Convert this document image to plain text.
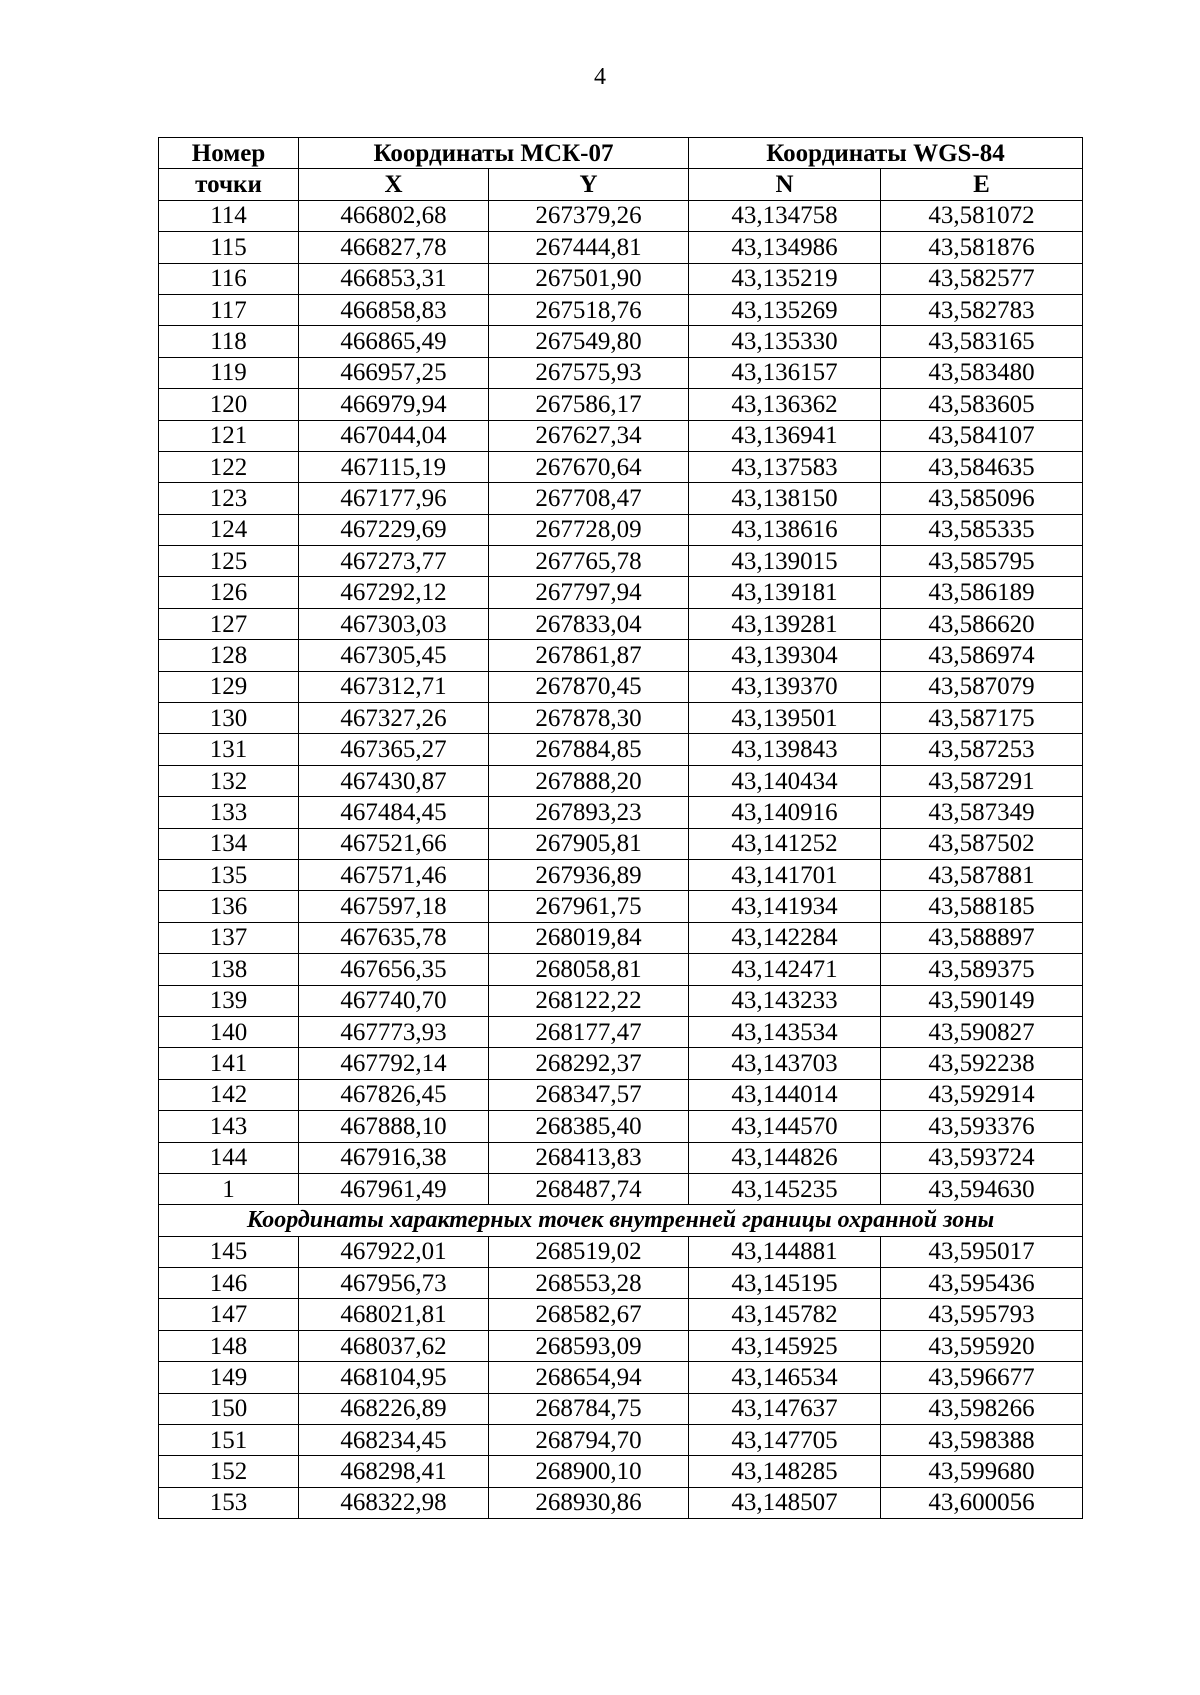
4
Номер	Координаты МСК-07		Координаты WGS-84	
точки	X	Y	N	E
114	466802,68	267379,26	43,134758	43,581072
115	466827,78	267444,81	43,134986	43,581876
116	466853,31	267501,90	43,135219	43,582577
117	466858,83	267518,76	43,135269	43,582783
118	466865,49	267549,80	43,135330	43,583165
119	466957,25	267575,93	43,136157	43,583480
120	466979,94	267586,17	43,136362	43,583605
121	467044,04	267627,34	43,136941	43,584107
122	467115,19	267670,64	43,137583	43,584635
123	467177,96	267708,47	43,138150	43,585096
124	467229,69	267728,09	43,138616	43,585335
125	467273,77	267765,78	43,139015	43,585795
126	467292,12	267797,94	43,139181	43,586189
127	467303,03	267833,04	43,139281	43,586620
128	467305,45	267861,87	43,139304	43,586974
129	467312,71	267870,45	43,139370	43,587079
130	467327,26	267878,30	43,139501	43,587175
131	467365,27	267884,85	43,139843	43,587253
132	467430,87	267888,20	43,140434	43,587291
133	467484,45	267893,23	43,140916	43,587349
134	467521,66	267905,81	43,141252	43,587502
135	467571,46	267936,89	43,141701	43,587881
136	467597,18	267961,75	43,141934	43,588185
137	467635,78	268019,84	43,142284	43,588897
138	467656,35	268058,81	43,142471	43,589375
139	467740,70	268122,22	43,143233	43,590149
140	467773,93	268177,47	43,143534	43,590827
141	467792,14	268292,37	43,143703	43,592238
142	467826,45	268347,57	43,144014	43,592914
143	467888,10	268385,40	43,144570	43,593376
144	467916,38	268413,83	43,144826	43,593724
1	467961,49	268487,74	43,145235	43,594630
Координаты характерных точек внутренней границы охранной зоны				
145	467922,01	268519,02	43,144881	43,595017
146	467956,73	268553,28	43,145195	43,595436
147	468021,81	268582,67	43,145782	43,595793
148	468037,62	268593,09	43,145925	43,595920
149	468104,95	268654,94	43,146534	43,596677
150	468226,89	268784,75	43,147637	43,598266
151	468234,45	268794,70	43,147705	43,598388
152	468298,41	268900,10	43,148285	43,599680
153	468322,98	268930,86	43,148507	43,600056
